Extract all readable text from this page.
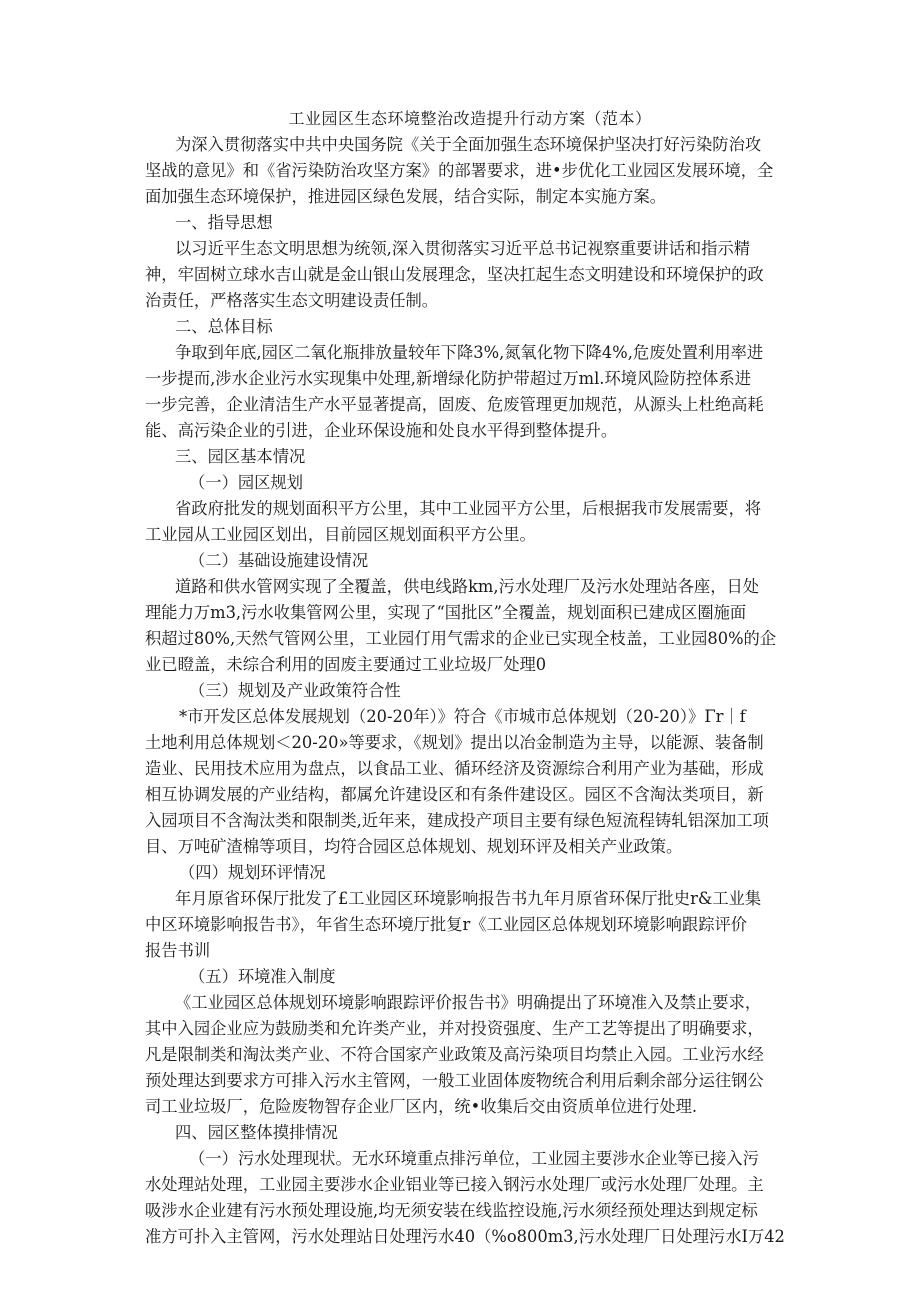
工业园区生态环境整治改造提升行动方案（范本）

为深入贯彻落实中共中央国务院《关于全面加强生态环境保护坚决打好污染防治攻

坚战的意见》和《省污染防治攻坚方案》的部署要求，进•步优化工业园区发展环境，全

面加强生态环境保护，推进园区绿色发展，结合实际，制定本实施方案。

一、指导思想

以习近平生态文明思想为统领,深入贯彻落实习近平总书记视察重要讲话和指示精

神，牢固树立球水吉山就是金山银山发展理念，坚决扛起生态文明建设和环境保护的政

治责任，严格落实生态文明建设责任制。

二、总体目标

争取到年底,园区二氧化瓶排放量较年下降3%,氮氧化物下降4%,危废处置利用率进

一步提而,涉水企业污水实现集中处理,新增绿化防护带超过万ml.环境风险防控体系进

一步完善，企业清洁生产水平显著提高，固废、危废管理更加规范，从源头上杜绝高耗

能、高污染企业的引进，企业环保设施和处良水平得到整体提升。

三、园区基本情况

（一）园区规划

省政府批发的规划面积平方公里，其中工业园平方公里，后根据我市发展需要，将

工业园从工业园区划出，目前园区规划面积平方公里。

（二）基础设施建设情况

道路和供水管网实现了全覆盖，供电线路km,污水处理厂及污水处理站各座，日处

理能力万m3,污水收集管网公里，实现了“国批区”全覆盖，规划面积已建成区圈施面

积超过80%,天然气管网公里，工业园仃用气需求的企业已实现全枝盖，工业园80%的企

业已瞪盖，未综合利用的固废主要通过工业垃圾厂处理0

（三）规划及产业政策符合性

*市开发区总体发展规划（20-20年）》符合《市城市总体规划（20-20）》Γr｜f

土地利用总体规划＜20-20»等要求，《规划》提出以冶金制造为主导，以能源、装备制

造业、民用技术应用为盘点，以食品工业、循环经济及资源综合利用产业为基础，形成

相互协调发展的产业结构，都属允许建设区和有条件建设区。园区不含淘汰类项目，新

入园项目不含淘汰类和限制类,近年来，建成投产项目主要有绿色短流程铸轧铝深加工项

目、万吨矿渣棉等项目，均符合园区总体规划、规划环评及相关产业政策。

（四）规划环评情况

年月原省环保厅批发了£工业园区环境影响报告书九年月原省环保厅批史r&工业集

中区环境影响报告书》，年省生态环境厅批复r《工业园区总体规划环境影响跟踪评价

报告书训

（五）环境准入制度

《工业园区总体规划环境影响跟踪评价报告书》明确提出了环境准入及禁止要求，

其中入园企业应为鼓励类和允许类产业，并对投资强度、生产工艺等提出了明确要求，

凡是限制类和淘汰类产业、不符合国家产业政策及高污染项目均禁止入园。工业污水经

预处理达到要求方可排入污水主管网，一般工业固体废物统合利用后剩余部分运往钢公

司工业垃圾厂，危险废物智存企业厂区内，统•收集后交由资质单位进行处理.

四、园区整体摸排情况

（一）污水处理现状。无水环境重点排污单位，工业园主要涉水企业等已接入污

水处理站处理，工业园主要涉水企业铝业等已接入钢污水处理厂或污水处理厂处理。主

吸涉水企业建有污水预处理设施,均无须安装在线监控设施,污水须经预处理达到规定标

准方可扑入主管网，污水处理站日处理污水40（%o800m3,污水处理厂日处理污水Ⅰ万42
